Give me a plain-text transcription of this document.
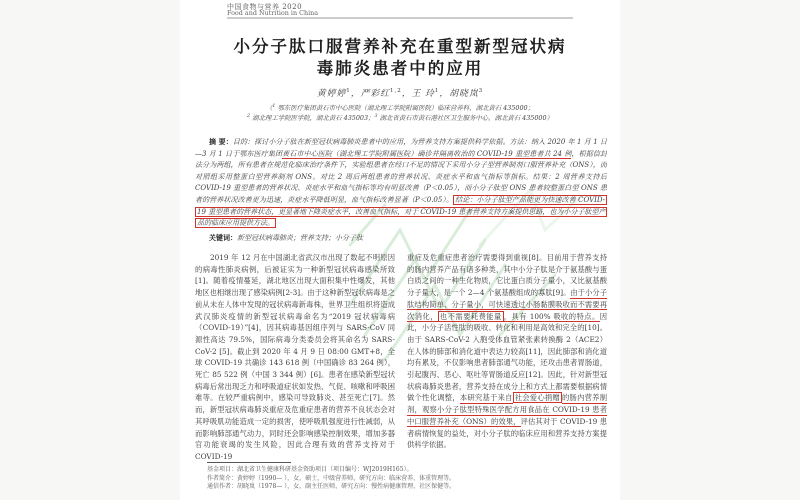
中国食物与营养 2020
Food and Nutrition in China
小分子肽口服营养补充在重型新型冠状病
毒肺炎患者中的应用
黄婷婷$^1$，严彩红$^{1,2}$，王 玲$^1$，胡晓岚$^3$
（$^1$ 鄂东医疗集团黄石市中心医院（湖北理工学院附属医院）临床营养科，湖北黄石 435000；
$^2$ 湖北理工学院医学院，湖北黄石 435003；$^3$ 湖北省黄石市黄石港社区卫生服务中心，湖北黄石 435000）

摘 要：目的：探讨小分子肽在新型冠状病毒肺炎患者中的应用，为营养支持方案提供科学依据。方法：纳入 2020 年 1 月 1 日—3 月 1 日于鄂东医疗集团黄石市中心医院（湖北理工学院附属医院）确诊并隔离收治的 COVID-19 重型患者共 24 例，根据信封法分为两组，所有患者在规范化临床治疗条件下，实验组患者在经口不足的情况下采用小分子型营养制剂口服营养补充（ONS），而对照组采用整蛋白型营养制剂 ONS。对比 2 周后两组患者的营养状况、炎症水平和血气指标等指标。结果：2 周营养支持后 COVID-19 重型患者的营养状况、炎症水平和血气指标等均有明显改善（P＜0.05），而小分子肽型 ONS 患者较整蛋白型 ONS 患者的营养状况改善更为迅速，炎症水平降低明显，血气指标改善显著（P＜0.05）。 结论：小分子肽型产品能更为快速改善 COVID-19 重型患者的营养状态，更显著地下降炎症水平，改善血气指标，对于 COVID-19 患者营养支持方案提供思路，也为小分子肽型产品的临床应用提供方法。

关键词：新型冠状病毒肺炎；营养支持；小分子肽

2019 年 12 月在中国湖北省武汉市出现了数起不明原因的病毒性肺炎病例，后被证实为一种新型冠状病毒感染所致[1]。随着疫情蔓延，湖北地区出现大面积集中性爆发，其他地区也相继出现了感染病例[2-3]。由于这种新型冠状病毒是之前从未在人体中发现的冠状病毒新毒株，世界卫生组织将造成武汉肺炎疫情的新型冠状病毒命名为“2019 冠状病毒病（COVID-19）”[4]，因其病毒基因组序列与 SARS-CoV 同源性高达 79.5%，国际病毒分类委员会将其命名为 SARS-CoV-2 [5]。截止到 2020 年 4 月 9 日 08:00 GMT+8，全球 COVID-19 共确诊 143 618 例（中国确诊 83 264 例），死亡 85 522 例（中国 3 344 例）[6]。患者在感染新型冠状病毒后常出现乏力和呼吸道症状如发热、气促、咳嗽和呼吸困难等。在较严重病例中，感染可导致肺炎、甚至死亡[7]。然而，新型冠状病毒肺炎重症及危重症患者的营养不良状态会对其呼吸肌功能造成一定的损害，使呼吸肌强度进行性减弱，从而影响肺部通气动力，同时还会影响感染控制效果，增加多器官功能衰竭的发生风险，因此合理有效的营养支持对于 COVID-19

重症及危重症患者治疗需要得到重视[8]。目前用于营养支持的肠内营养产品有诸多种类，其中小分子肽是介于氨基酸与蛋白质之间的一种生化物质，它比蛋白质分子量小，又比氨基酸分子量大，是一个 2—4 个氨基酸组成的寡肽[9]。由于小分子肽结构简单、分子量小，可快速透过小肠黏膜吸收而不需要再次消化， 也不需要耗费能量 ，具有 100% 吸收的特点。因此，小分子活性肽的吸收、转化和利用是高效和完全的[10]。由于 SARS-CoV-2 入胞受体血管紧张素转换酶 2（ACE2）在人体的肺部和消化道中表达力较高[11]，因此肺部和消化道均有累及，不仅影响患者肺部通气功能，还攻击患者胃肠道，引起腹泻、恶心、呕吐等胃肠道反应[12]。因此，针对新型冠状病毒肺炎患者，营养支持在成分上和方式上都需要根据病情做个性化调整，本研究基于来自 社会爱心捐赠 的肠内营养制剂，观察小分子肽型特殊医学配方用食品在 COVID-19 患者中口服营养补充（ONS）的效果，评估其对于 COVID-19 患者病情恢复的益处，对小分子肽的临床应用和营养支持方案提供科学依据。

基金项目：湖北省卫生健康科研基金资助项目（项目编号：WJ2019H165）。
作者简介：黄婷婷（1990— ），女，硕士，中级营养师，研究方向：临床营养、体重管理等。
通信作者：胡晓岚（1978— ），女，副主任医师，研究方向：慢性病健康管理、社区保健等。
